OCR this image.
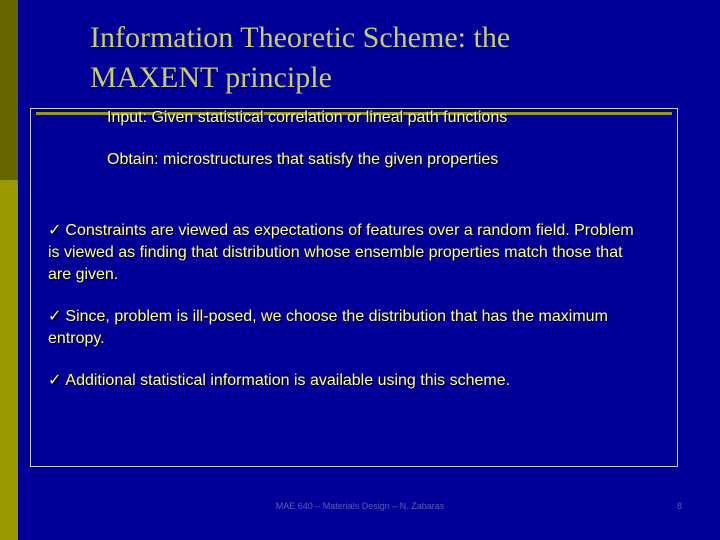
Information Theoretic Scheme: the
MAXENT principle
Input: Given statistical correlation or lineal path functions
Obtain: microstructures that satisfy the given properties
✓ Constraints are viewed as expectations of features over a random field. Problem is viewed as finding that distribution whose ensemble properties match those that are given.
✓ Since, problem is ill-posed, we choose the distribution that has the maximum entropy.
✓ Additional statistical information is available using this scheme.
MAE 640 – Materials Design – N. Zabaras	8
